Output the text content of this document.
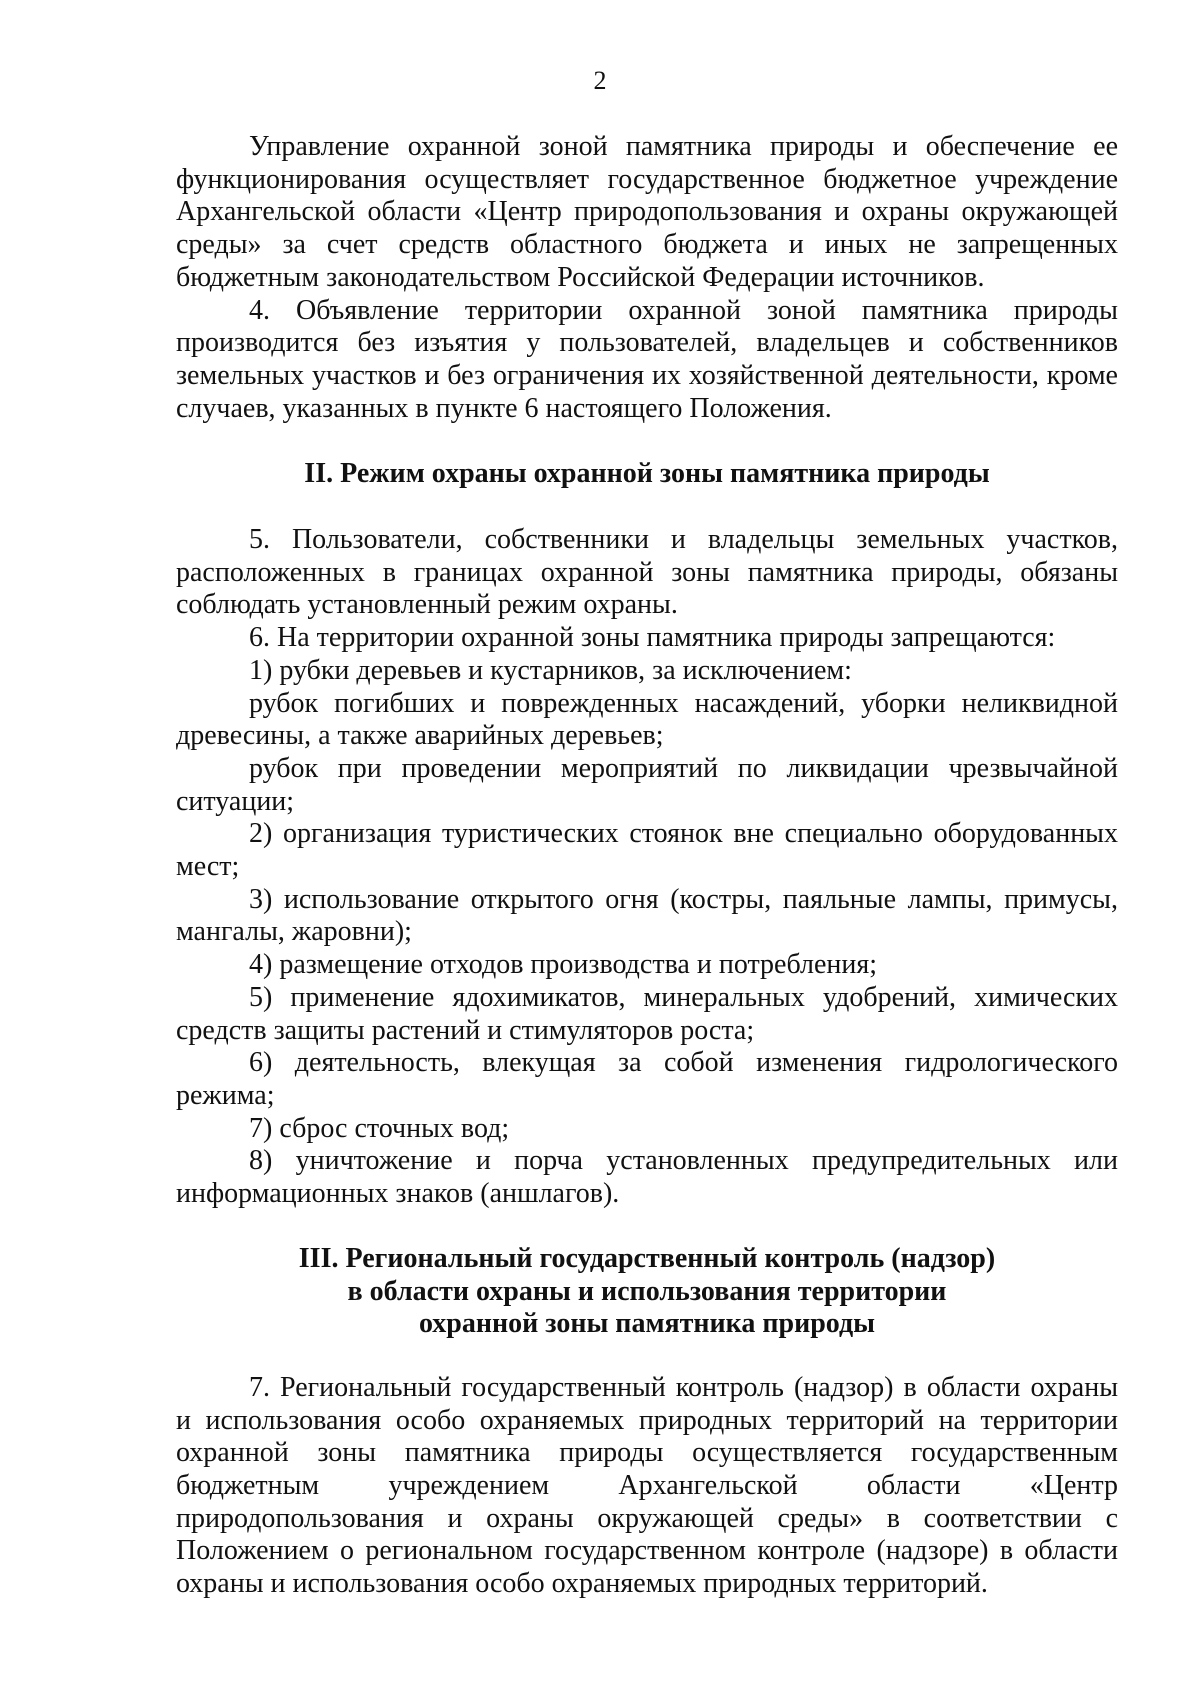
2

Управление охранной зоной памятника природы и обеспечение ее функционирования осуществляет государственное бюджетное учреждение Архангельской области «Центр природопользования и охраны окружающей среды» за счет средств областного бюджета и иных не запрещенных бюджетным законодательством Российской Федерации источников.

4. Объявление территории охранной зоной памятника природы производится без изъятия у пользователей, владельцев и собственников земельных участков и без ограничения их хозяйственной деятельности, кроме случаев, указанных в пункте 6 настоящего Положения.

II. Режим охраны охранной зоны памятника природы

5. Пользователи, собственники и владельцы земельных участков, расположенных в границах охранной зоны памятника природы, обязаны соблюдать установленный режим охраны.

6. На территории охранной зоны памятника природы запрещаются:

1) рубки деревьев и кустарников, за исключением:

рубок погибших и поврежденных насаждений, уборки неликвидной древесины, а также аварийных деревьев;

рубок при проведении мероприятий по ликвидации чрезвычайной ситуации;

2) организация туристических стоянок вне специально оборудованных мест;

3) использование открытого огня (костры, паяльные лампы, примусы, мангалы, жаровни);

4) размещение отходов производства и потребления;

5) применение ядохимикатов, минеральных удобрений, химических средств защиты растений и стимуляторов роста;

6) деятельность, влекущая за собой изменения гидрологического режима;

7) сброс сточных вод;

8) уничтожение и порча установленных предупредительных или информационных знаков (аншлагов).

III. Региональный государственный контроль (надзор)
в области охраны и использования территории
охранной зоны памятника природы

7. Региональный государственный контроль (надзор) в области охраны и использования особо охраняемых природных территорий на территории охранной зоны памятника природы осуществляется государственным бюджетным учреждением Архангельской области «Центр природопользования и охраны окружающей среды» в соответствии с Положением о региональном государственном контроле (надзоре) в области охраны и использования особо охраняемых природных территорий.
